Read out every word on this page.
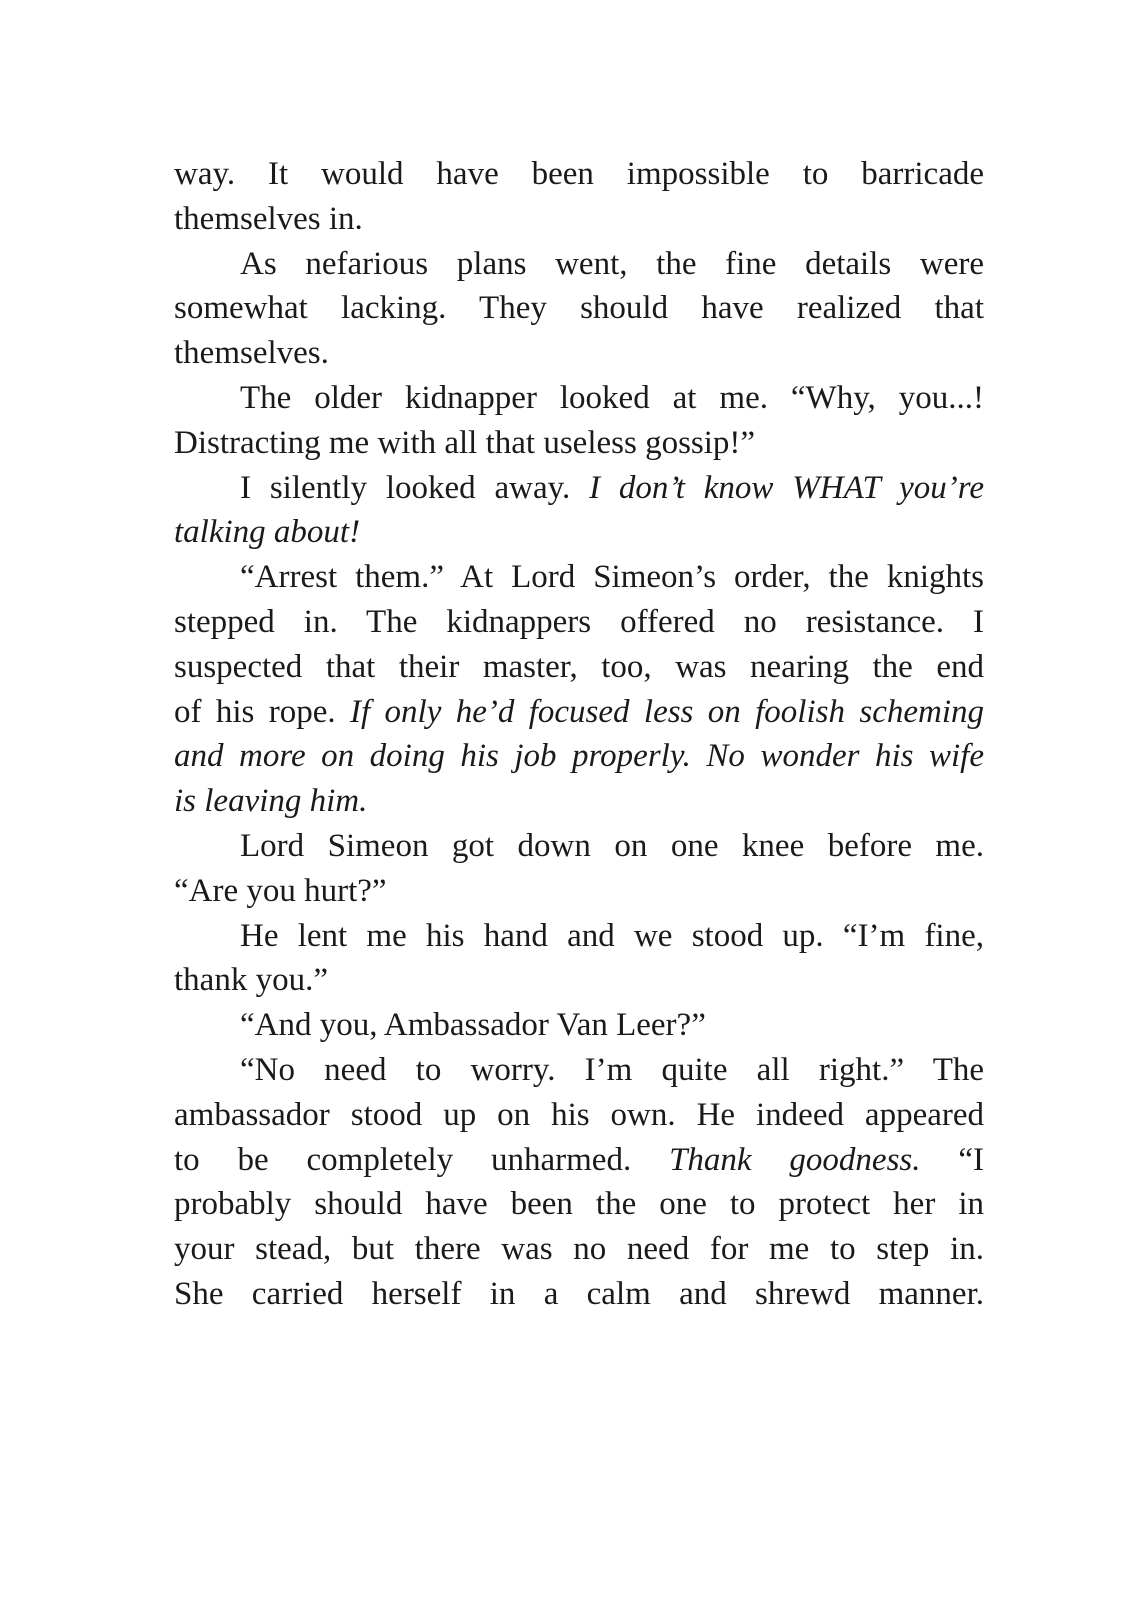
way. It would have been impossible to barricade
themselves in.
As nefarious plans went, the fine details were
somewhat lacking. They should have realized that
themselves.
The older kidnapper looked at me. “Why, you...!
Distracting me with all that useless gossip!”
I silently looked away. I don’t know WHAT you’re
talking about!
“Arrest them.” At Lord Simeon’s order, the knights
stepped in. The kidnappers offered no resistance. I
suspected that their master, too, was nearing the end
of his rope. If only he’d focused less on foolish scheming
and more on doing his job properly. No wonder his wife
is leaving him.
Lord Simeon got down on one knee before me.
“Are you hurt?”
He lent me his hand and we stood up. “I’m fine,
thank you.”
“And you, Ambassador Van Leer?”
“No need to worry. I’m quite all right.” The
ambassador stood up on his own. He indeed appeared
to be completely unharmed. Thank goodness. “I
probably should have been the one to protect her in
your stead, but there was no need for me to step in.
She carried herself in a calm and shrewd manner.
